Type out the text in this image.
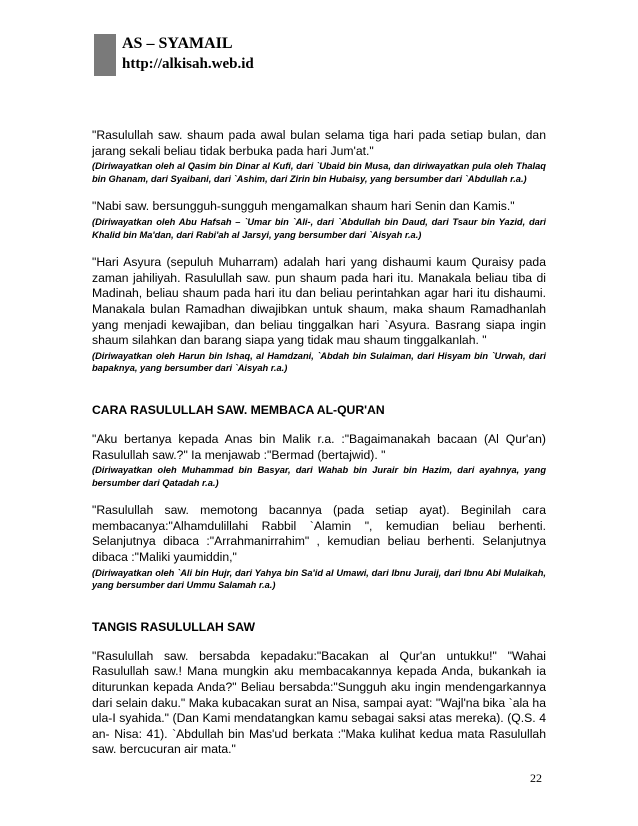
AS – SYAMAIL
http://alkisah.web.id

"Rasulullah saw. shaum pada awal bulan selama tiga hari pada setiap bulan, dan jarang sekali beliau tidak berbuka pada hari Jum'at."

(Diriwayatkan oleh al Qasim bin Dinar al Kufi, dari `Ubaid bin Musa, dan diriwayatkan pula oleh Thalaq bin Ghanam, dari Syaibani, dari `Ashim, dari Zirin bin Hubaisy, yang bersumber dari `Abdullah r.a.)

"Nabi saw. bersungguh-sungguh mengamalkan shaum hari Senin dan Kamis."

(Diriwayatkan oleh Abu Hafsah – `Umar bin `Ali-, dari `Abdullah bin Daud, dari Tsaur bin Yazid, dari Khalid bin Ma'dan, dari Rabi'ah al Jarsyi, yang bersumber dari `Aisyah r.a.)

"Hari Asyura (sepuluh Muharram) adalah hari yang dishaumi kaum Quraisy pada zaman jahiliyah. Rasulullah saw. pun shaum pada hari itu. Manakala beliau tiba di Madinah, beliau shaum pada hari itu dan beliau perintahkan agar hari itu dishaumi. Manakala bulan Ramadhan diwajibkan untuk shaum, maka shaum Ramadhanlah yang menjadi kewajiban, dan beliau tinggalkan hari `Asyura. Basrang siapa ingin shaum silahkan dan barang siapa yang tidak mau shaum tinggalkanlah. "

(Diriwayatkan oleh Harun bin Ishaq, al Hamdzani, `Abdah bin Sulaiman, dari Hisyam bin `Urwah, dari bapaknya, yang bersumber dari `Aisyah r.a.)

CARA RASULULLAH SAW. MEMBACA AL-QUR'AN

"Aku bertanya kepada Anas bin Malik r.a. :"Bagaimanakah bacaan (Al Qur'an) Rasulullah saw.?" Ia menjawab :"Bermad (bertajwid). "

(Diriwayatkan oleh Muhammad bin Basyar, dari Wahab bin Jurair bin Hazim, dari ayahnya, yang bersumber dari Qatadah r.a.)

"Rasulullah saw. memotong bacannya (pada setiap ayat). Beginilah cara membacanya:"Alhamdulillahi Rabbil `Alamin ", kemudian beliau berhenti. Selanjutnya dibaca :"Arrahmanirrahim" , kemudian beliau berhenti. Selanjutnya dibaca :"Maliki yaumiddin,"

(Diriwayatkan oleh `Ali bin Hujr, dari Yahya bin Sa'id al Umawi, dari Ibnu Juraij, dari Ibnu Abi Mulaikah, yang bersumber dari Ummu Salamah r.a.)

TANGIS RASULULLAH SAW

"Rasulullah saw. bersabda kepadaku:"Bacakan al Qur'an untukku!" "Wahai Rasulullah saw.! Mana mungkin aku membacakannya kepada Anda, bukankah ia diturunkan kepada Anda?" Beliau bersabda:"Sungguh aku ingin mendengarkannya dari selain daku." Maka kubacakan surat an Nisa, sampai ayat: "Wajl'na bika `ala ha ula-I syahida." (Dan Kami mendatangkan kamu sebagai saksi atas mereka). (Q.S. 4 an- Nisa: 41). `Abdullah bin Mas'ud berkata :"Maka kulihat kedua mata Rasulullah saw. bercucuran air mata."

22
